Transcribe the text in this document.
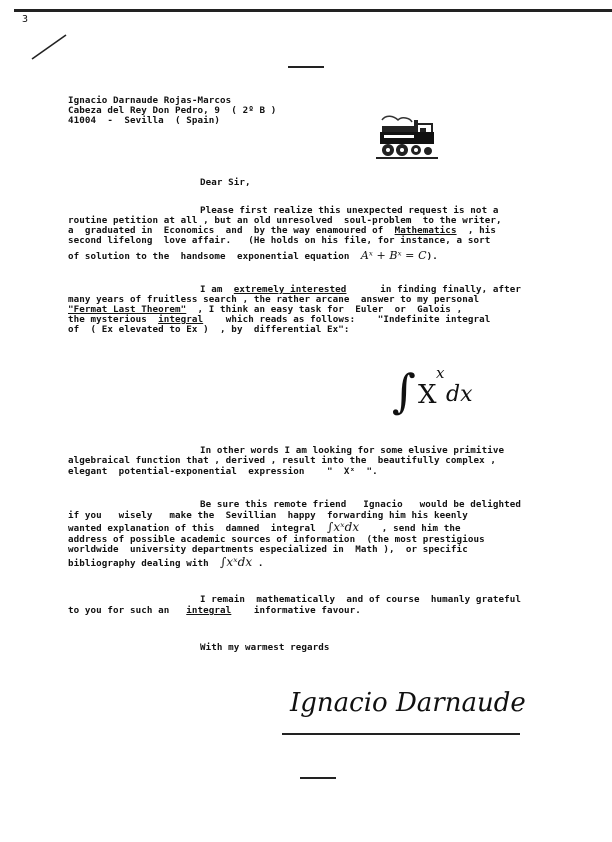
3
Ignacio Darnaude Rojas-Marcos
Cabeza del Rey Don Pedro, 9  ( 2º B )
41004  -  Sevilla  ( Spain)
Dear Sir,
Please first realize this unexpected request is not a
routine petition at all , but an old unresolved  soul-problem  to the writer,
a  graduated in  Economics  and  by the way enamoured of  Mathematics  , his
second lifelong  love affair.   (He holds on his file, for instance, a sort
of solution to the  handsome  exponential equation  Aˣ + Bˣ = C).
I am  extremely interested      in finding finally, after
many years of fruitless search , the rather arcane  answer to my personal
"Fermat Last Theorem"  , I think an easy task for  Euler  or  Galois ,
the mysterious  integral    which reads as follows:    "Indefinite integral
of  ( Ex elevated to Ex )  , by  differential Ex":
∫ X
x
dx
In other words I am looking for some elusive primitive
algebraical function that , derived , result into the  beautifully complex ,
elegant  potential-exponential  expression    "  Xˣ  ".
Be sure this remote friend   Ignacio   would be delighted
if you   wisely   make the  Sevillian  happy  forwarding him his keenly
wanted explanation of this  damned  integral  ∫xˣdx    , send him the
address of possible academic sources of information  (the most prestigious
worldwide  university departments especialized in  Math ),  or specific
bibliography dealing with  ∫xˣdx .
I remain  mathematically  and of course  humanly grateful
to you for such an   integral    informative favour.
With my warmest regards
Ignacio Darnaude
